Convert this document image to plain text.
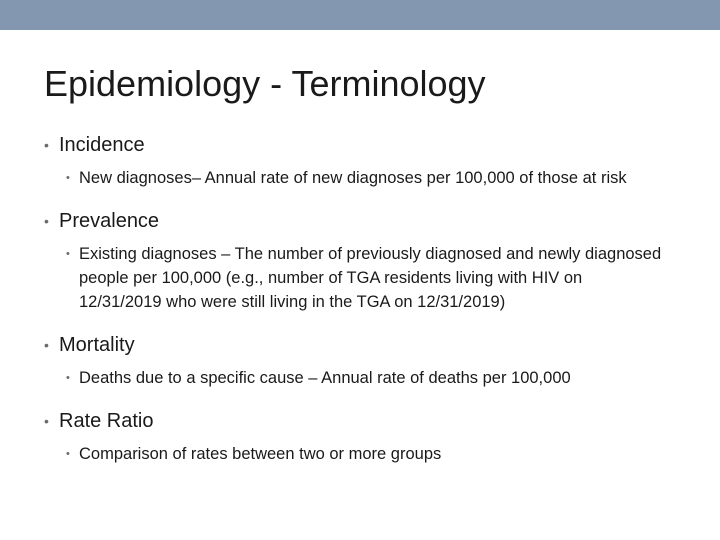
Epidemiology - Terminology
• Incidence
• New diagnoses– Annual rate of new diagnoses per 100,000 of those at risk
• Prevalence
• Existing diagnoses – The number of previously diagnosed and newly diagnosed people per 100,000 (e.g., number of TGA residents living with HIV on 12/31/2019 who were still living in the TGA on 12/31/2019)
• Mortality
• Deaths due to a specific cause – Annual rate of deaths per 100,000
• Rate Ratio
• Comparison of rates between two or more groups
